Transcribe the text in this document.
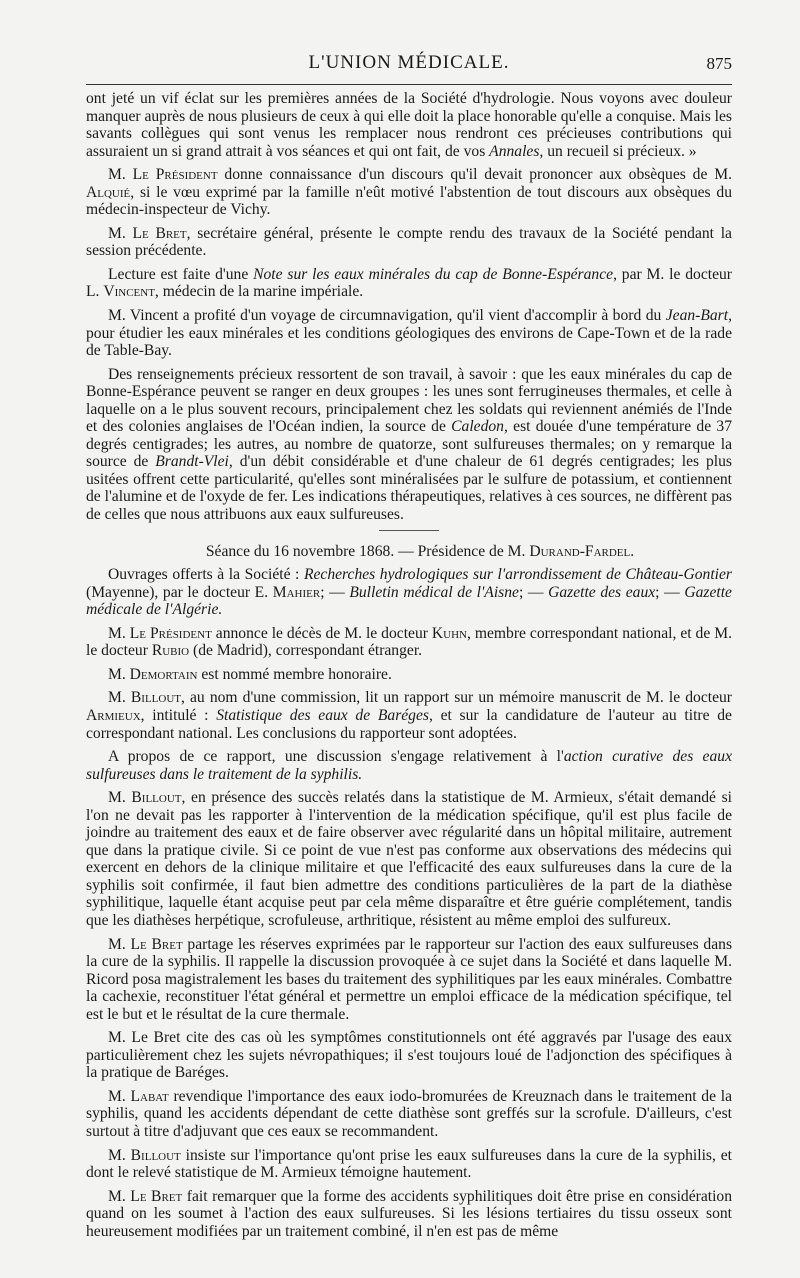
L'UNION MÉDICALE.	875

ont jeté un vif éclat sur les premières années de la Société d'hydrologie. Nous voyons avec douleur manquer auprès de nous plusieurs de ceux à qui elle doit la place honorable qu'elle a conquise. Mais les savants collègues qui sont venus les remplacer nous rendront ces précieuses contributions qui assuraient un si grand attrait à vos séances et qui ont fait, de vos Annales, un recueil si précieux. »

M. Le Président donne connaissance d'un discours qu'il devait prononcer aux obsèques de M. Alquié, si le vœu exprimé par la famille n'eût motivé l'abstention de tout discours aux obsèques du médecin-inspecteur de Vichy.

M. Le Bret, secrétaire général, présente le compte rendu des travaux de la Société pendant la session précédente.

Lecture est faite d'une Note sur les eaux minérales du cap de Bonne-Espérance, par M. le docteur L. Vincent, médecin de la marine impériale.

M. Vincent a profité d'un voyage de circumnavigation, qu'il vient d'accomplir à bord du Jean-Bart, pour étudier les eaux minérales et les conditions géologiques des environs de Cape-Town et de la rade de Table-Bay.

Des renseignements précieux ressortent de son travail, à savoir : que les eaux minérales du cap de Bonne-Espérance peuvent se ranger en deux groupes : les unes sont ferrugineuses thermales, et celle à laquelle on a le plus souvent recours, principalement chez les soldats qui reviennent anémiés de l'Inde et des colonies anglaises de l'Océan indien, la source de Caledon, est douée d'une température de 37 degrés centigrades; les autres, au nombre de quatorze, sont sulfureuses thermales; on y remarque la source de Brandt-Vlei, d'un débit considérable et d'une chaleur de 61 degrés centigrades; les plus usitées offrent cette particularité, qu'elles sont minéralisées par le sulfure de potassium, et contiennent de l'alumine et de l'oxyde de fer. Les indications thérapeutiques, relatives à ces sources, ne diffèrent pas de celles que nous attribuons aux eaux sulfureuses.

Séance du 16 novembre 1868. — Présidence de M. Durand-Fardel.

Ouvrages offerts à la Société : Recherches hydrologiques sur l'arrondissement de Château-Gontier (Mayenne), par le docteur E. Mahier; — Bulletin médical de l'Aisne; — Gazette des eaux; — Gazette médicale de l'Algérie.

M. Le Président annonce le décès de M. le docteur Kuhn, membre correspondant national, et de M. le docteur Rubio (de Madrid), correspondant étranger.

M. Demortain est nommé membre honoraire.

M. Billout, au nom d'une commission, lit un rapport sur un mémoire manuscrit de M. le docteur Armieux, intitulé : Statistique des eaux de Baréges, et sur la candidature de l'auteur au titre de correspondant national. Les conclusions du rapporteur sont adoptées.

A propos de ce rapport, une discussion s'engage relativement à l'action curative des eaux sulfureuses dans le traitement de la syphilis.

M. Billout, en présence des succès relatés dans la statistique de M. Armieux, s'était demandé si l'on ne devait pas les rapporter à l'intervention de la médication spécifique, qu'il est plus facile de joindre au traitement des eaux et de faire observer avec régularité dans un hôpital militaire, autrement que dans la pratique civile. Si ce point de vue n'est pas conforme aux observations des médecins qui exercent en dehors de la clinique militaire et que l'efficacité des eaux sulfureuses dans la cure de la syphilis soit confirmée, il faut bien admettre des conditions particulières de la part de la diathèse syphilitique, laquelle étant acquise peut par cela même disparaître et être guérie complétement, tandis que les diathèses herpétique, scrofuleuse, arthritique, résistent au même emploi des sulfureux.

M. Le Bret partage les réserves exprimées par le rapporteur sur l'action des eaux sulfureuses dans la cure de la syphilis. Il rappelle la discussion provoquée à ce sujet dans la Société et dans laquelle M. Ricord posa magistralement les bases du traitement des syphilitiques par les eaux minérales. Combattre la cachexie, reconstituer l'état général et permettre un emploi efficace de la médication spécifique, tel est le but et le résultat de la cure thermale.

M. Le Bret cite des cas où les symptômes constitutionnels ont été aggravés par l'usage des eaux particulièrement chez les sujets névropathiques; il s'est toujours loué de l'adjonction des spécifiques à la pratique de Baréges.

M. Labat revendique l'importance des eaux iodo-bromurées de Kreuznach dans le traitement de la syphilis, quand les accidents dépendant de cette diathèse sont greffés sur la scrofule. D'ailleurs, c'est surtout à titre d'adjuvant que ces eaux se recommandent.

M. Billout insiste sur l'importance qu'ont prise les eaux sulfureuses dans la cure de la syphilis, et dont le relevé statistique de M. Armieux témoigne hautement.

M. Le Bret fait remarquer que la forme des accidents syphilitiques doit être prise en considération quand on les soumet à l'action des eaux sulfureuses. Si les lésions tertiaires du tissu osseux sont heureusement modifiées par un traitement combiné, il n'en est pas de même
